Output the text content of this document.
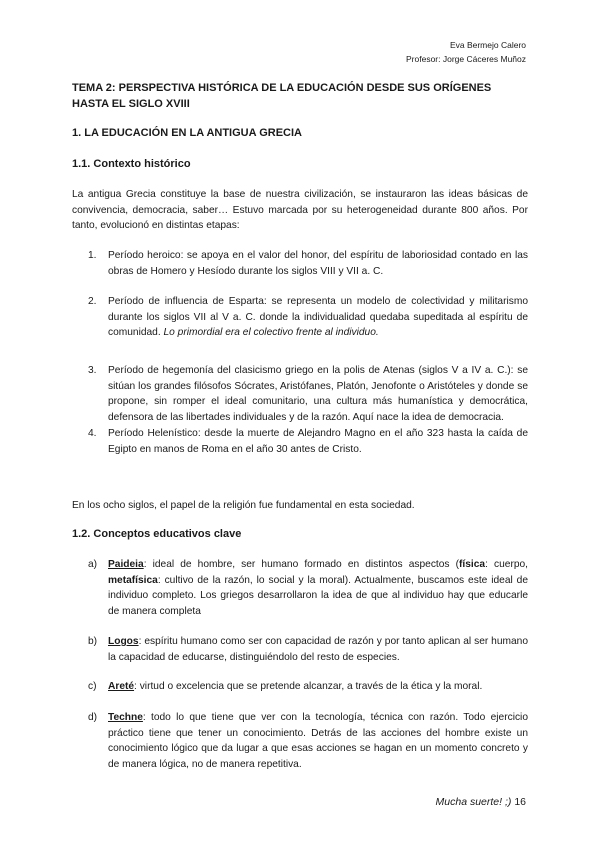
Eva Bermejo Calero
Profesor: Jorge Cáceres Muñoz
TEMA 2: PERSPECTIVA HISTÓRICA DE LA EDUCACIÓN DESDE SUS ORÍGENES HASTA EL SIGLO XVIII
1. LA EDUCACIÓN EN LA ANTIGUA GRECIA
1.1. Contexto histórico
La antigua Grecia constituye la base de nuestra civilización, se instauraron las ideas básicas de convivencia, democracia, saber… Estuvo marcada por su heterogeneidad durante 800 años. Por tanto, evolucionó en distintas etapas:
1.	Período heroico: se apoya en el valor del honor, del espíritu de laboriosidad contado en las obras de Homero y Hesíodo durante los siglos VIII y VII a. C.
2.	Período de influencia de Esparta: se representa un modelo de colectividad y militarismo durante los siglos VII al V a. C. donde la individualidad quedaba supeditada al espíritu de comunidad. Lo primordial era el colectivo frente al individuo.
3.	Período de hegemonía del clasicismo griego en la polis de Atenas (siglos V a IV a. C.): se sitúan los grandes filósofos Sócrates, Aristófanes, Platón, Jenofonte o Aristóteles y donde se propone, sin romper el ideal comunitario, una cultura más humanística y democrática, defensora de las libertades individuales y de la razón. Aquí nace la idea de democracia.
4.	Período Helenístico: desde la muerte de Alejandro Magno en el año 323 hasta la caída de Egipto en manos de Roma en el año 30 antes de Cristo.
En los ocho siglos, el papel de la religión fue fundamental en esta sociedad.
1.2. Conceptos educativos clave
a)	Paideia: ideal de hombre, ser humano formado en distintos aspectos (física: cuerpo, metafísica: cultivo de la razón, lo social y la moral). Actualmente, buscamos este ideal de individuo completo. Los griegos desarrollaron la idea de que al individuo hay que educarle de manera completa
b)	Logos: espíritu humano como ser con capacidad de razón y por tanto aplican al ser humano la capacidad de educarse, distinguiéndolo del resto de especies.
c)	Areté: virtud o excelencia que se pretende alcanzar, a través de la ética y la moral.
d)	Techne: todo lo que tiene que ver con la tecnología, técnica con razón. Todo ejercicio práctico tiene que tener un conocimiento. Detrás de las acciones del hombre existe un conocimiento lógico que da lugar a que esas acciones se hagan en un momento concreto y de manera lógica, no de manera repetitiva.
Mucha suerte! ;) 16
